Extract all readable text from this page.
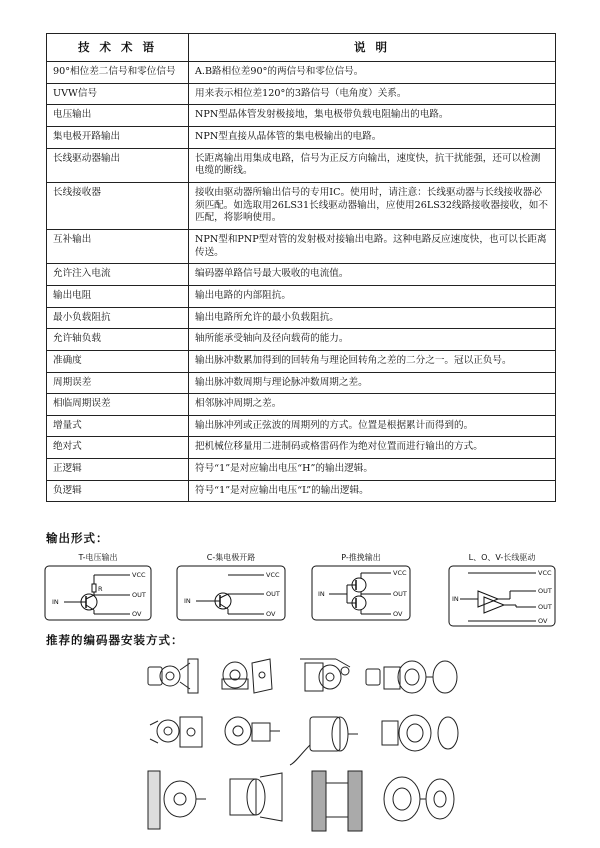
技 术 术 语	说 明
90°相位差二信号和零位信号	A.B路相位差90°的两信号和零位信号。
UVW信号	用来表示相位差120°的3路信号（电角度）关系。
电压输出	NPN型晶体管发射极接地，集电极带负载电阻输出的电路。
集电极开路输出	NPN型直接从晶体管的集电极输出的电路。
长线驱动器输出	长距离输出用集成电路，信号为正反方向输出，速度快，抗干扰能强，还可以检测电缆的断线。
长线接收器	接收由驱动器所输出信号的专用IC。使用时，请注意：长线驱动器与长线接收器必须匹配。如选取用26LS31长线驱动器输出，应使用26LS32线路接收器接收，如不匹配，将影响使用。
互补输出	NPN型和PNP型对管的发射极对接输出电路。这种电路反应速度快，也可以长距离传送。
允许注入电流	编码器单路信号最大吸收的电流值。
输出电阻	输出电路的内部阻抗。
最小负载阻抗	输出电路所允许的最小负载阻抗。
允许轴负载	轴所能承受轴向及径向载荷的能力。
准确度	输出脉冲数累加得到的回转角与理论回转角之差的二分之一。冠以正负号。
周期误差	输出脉冲数周期与理论脉冲数周期之差。
相临周期误差	相邻脉冲周期之差。
增量式	输出脉冲列或正弦波的周期列的方式。位置是根据累计而得到的。
绝对式	把机械位移量用二进制码或格雷码作为绝对位置而进行输出的方式。
正逻辑	符号“1”是对应输出电压“H”的输出逻辑。
负逻辑	符号“1”是对应输出电压“L”的输出逻辑。
输出形式：
T-电压输出
VCC
R
IN
OUT
OV
C-集电极开路
VCC
IN
OUT
OV
P-推挽输出
VCC
IN	OUT
OV
L、O、V-长线驱动
VCC
IN
OUT
OUT
OV
推荐的编码器安装方式：
